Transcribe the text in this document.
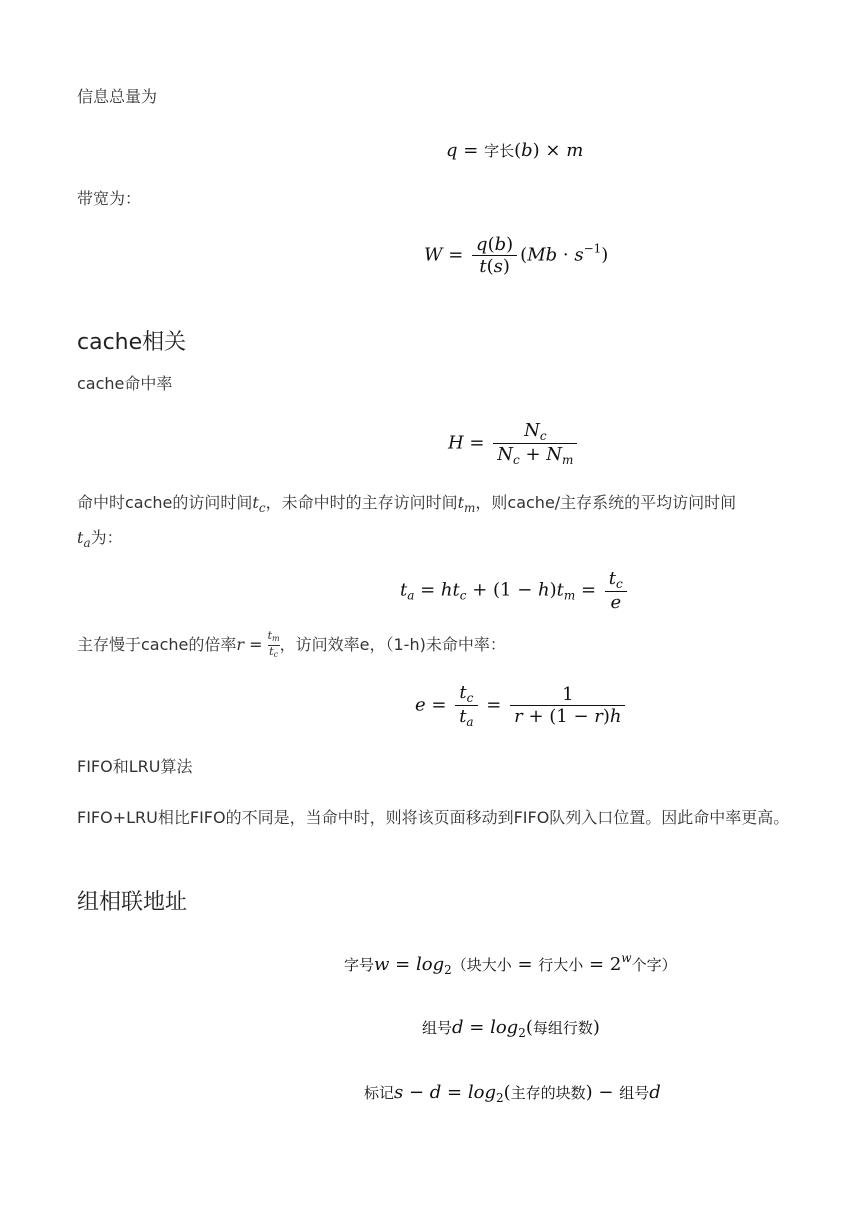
信息总量为
q = 字长(b) × m
带宽为：
$W = \frac{q(b)}{t(s)} (Mb \cdot s^{-1})$
cache相关
cache命中率
$H = \frac{N_c}{N_c + N_m}$
命中时cache的访问时间$t_c$，未命中时的主存访问时间$t_m$，则cache/主存系统的平均访问时间
$t_a$为：
$t_a = ht_c + (1 - h)t_m = \frac{t_c}{e}$
主存慢于cache的倍率$r = \frac{t_m}{t_c}$ ，访问效率e，（1-h)未命中率：
$e = \frac{t_c}{t_a} = \frac{1}{r + (1 - r)h}$
FIFO和LRU算法
FIFO+LRU相比FIFO的不同是，当命中时，则将该页面移动到FIFO队列入口位置。因此命中率更高。
组相联地址
字号$w = \log_2$（块大小 = 行大小 = $2^w$个字）
组号$d = \log_2$(每组行数)
标记$s - d = \log_2$(主存的块数) − 组号d
